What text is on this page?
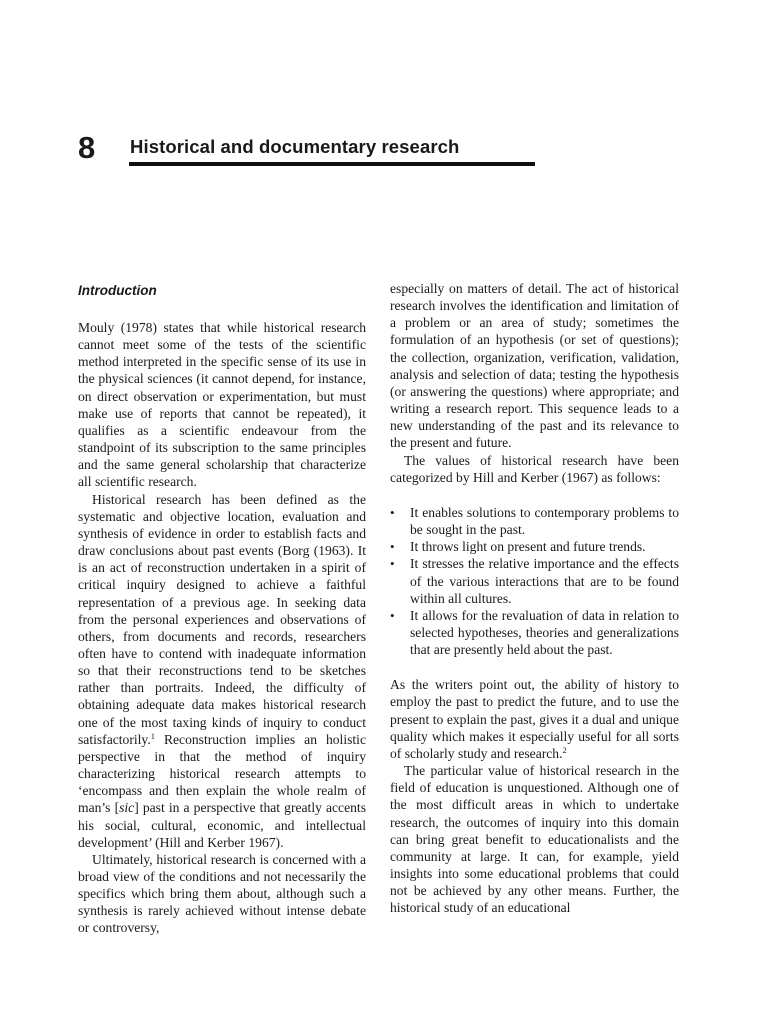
8 Historical and documentary research
Introduction

Mouly (1978) states that while historical research cannot meet some of the tests of the scientific method interpreted in the specific sense of its use in the physical sciences (it cannot depend, for instance, on direct observation or experimentation, but must make use of reports that cannot be repeated), it qualifies as a scientific endeavour from the standpoint of its subscription to the same principles and the same general scholarship that characterize all scientific research.

Historical research has been defined as the systematic and objective location, evaluation and synthesis of evidence in order to establish facts and draw conclusions about past events (Borg (1963). It is an act of reconstruction undertaken in a spirit of critical inquiry designed to achieve a faithful representation of a previous age. In seeking data from the personal experiences and observations of others, from documents and records, researchers often have to contend with inadequate information so that their reconstructions tend to be sketches rather than portraits. Indeed, the difficulty of obtaining adequate data makes historical research one of the most taxing kinds of inquiry to conduct satisfactorily.$^1$ Reconstruction implies an holistic perspective in that the method of inquiry characterizing historical research attempts to ‘encompass and then explain the whole realm of man’s [sic] past in a perspective that greatly accents his social, cultural, economic, and intellectual development’ (Hill and Kerber 1967).

Ultimately, historical research is concerned with a broad view of the conditions and not necessarily the specifics which bring them about, although such a synthesis is rarely achieved without intense debate or controversy,

especially on matters of detail. The act of historical research involves the identification and limitation of a problem or an area of study; sometimes the formulation of an hypothesis (or set of questions); the collection, organization, verification, validation, analysis and selection of data; testing the hypothesis (or answering the questions) where appropriate; and writing a research report. This sequence leads to a new understanding of the past and its relevance to the present and future.

The values of historical research have been categorized by Hill and Kerber (1967) as follows:

• It enables solutions to contemporary problems to be sought in the past.
• It throws light on present and future trends.
• It stresses the relative importance and the effects of the various interactions that are to be found within all cultures.
• It allows for the revaluation of data in relation to selected hypotheses, theories and generalizations that are presently held about the past.

As the writers point out, the ability of history to employ the past to predict the future, and to use the present to explain the past, gives it a dual and unique quality which makes it especially useful for all sorts of scholarly study and research.$^2$

The particular value of historical research in the field of education is unquestioned. Although one of the most difficult areas in which to undertake research, the outcomes of inquiry into this domain can bring great benefit to educationalists and the community at large. It can, for example, yield insights into some educational problems that could not be achieved by any other means. Further, the historical study of an educational
